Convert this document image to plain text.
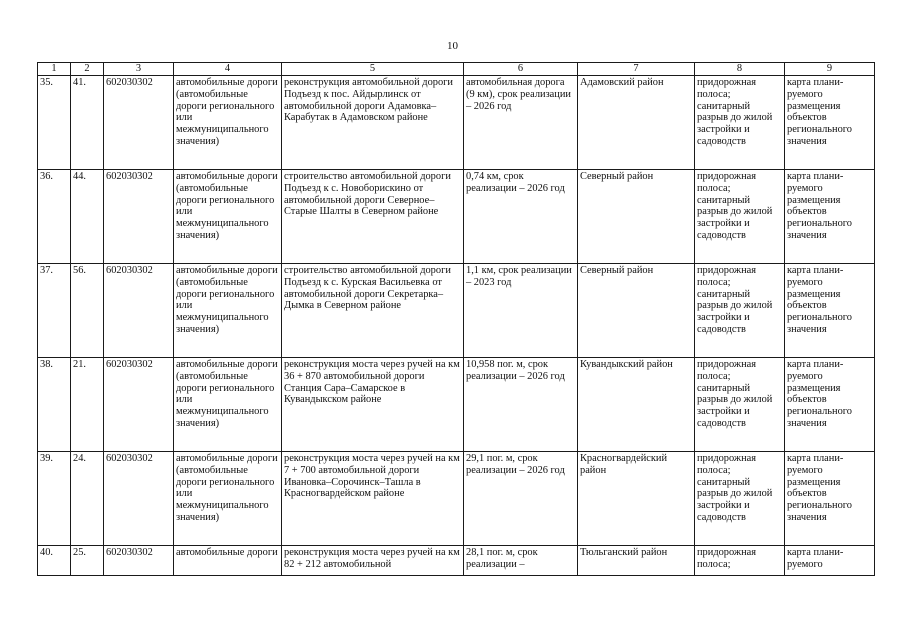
10
1	2	3	4	5	6	7	8	9
35.	41.	602030302	автомобильные дороги (автомобильные дороги регионального или межмуниципального значения)	реконструкция автомобильной дороги Подъезд к пос. Айдырлинск от автомобильной дороги Адамовка–Карабутак в Адамовском районе	автомобильная дорога (9 км), срок реализации – 2026 год	Адамовский район	придорожная полоса; санитарный разрыв до жилой застройки и садоводств	карта плани-руемого размещения объектов регионального значения
36.	44.	602030302	автомобильные дороги (автомобильные дороги регионального или межмуниципального значения)	строительство автомобильной дороги Подъезд к с. Новоборискино от автомобильной дороги Северное–Старые Шалты в Северном районе	0,74 км, срок реализации – 2026 год	Северный район	придорожная полоса; санитарный разрыв до жилой застройки и садоводств	карта плани-руемого размещения объектов регионального значения
37.	56.	602030302	автомобильные дороги (автомобильные дороги регионального или межмуниципального значения)	строительство автомобильной дороги Подъезд к с. Курская Васильевка от автомобильной дороги Секретарка–Дымка в Северном районе	1,1 км, срок реализации – 2023 год	Северный район	придорожная полоса; санитарный разрыв до жилой застройки и садоводств	карта плани-руемого размещения объектов регионального значения
38.	21.	602030302	автомобильные дороги (автомобильные дороги регионального или межмуниципального значения)	реконструкция моста через ручей на км 36 + 870 автомобильной дороги Станция Сара–Самарское в Кувандыкском районе	10,958 пог. м, срок реализации – 2026 год	Кувандыкский район	придорожная полоса; санитарный разрыв до жилой застройки и садоводств	карта плани-руемого размещения объектов регионального значения
39.	24.	602030302	автомобильные дороги (автомобильные дороги регионального или межмуниципального значения)	реконструкция моста через ручей на км 7 + 700 автомобильной дороги Ивановка–Сорочинск–Ташла в Красногвардейском районе	29,1 пог. м, срок реализации – 2026 год	Красногвардейский район	придорожная полоса; санитарный разрыв до жилой застройки и садоводств	карта плани-руемого размещения объектов регионального значения
40.	25.	602030302	автомобильные дороги	реконструкция моста через ручей на км 82 + 212 автомобильной	28,1 пог. м, срок реализации –	Тюльганский район	придорожная полоса;	карта плани-руемого
